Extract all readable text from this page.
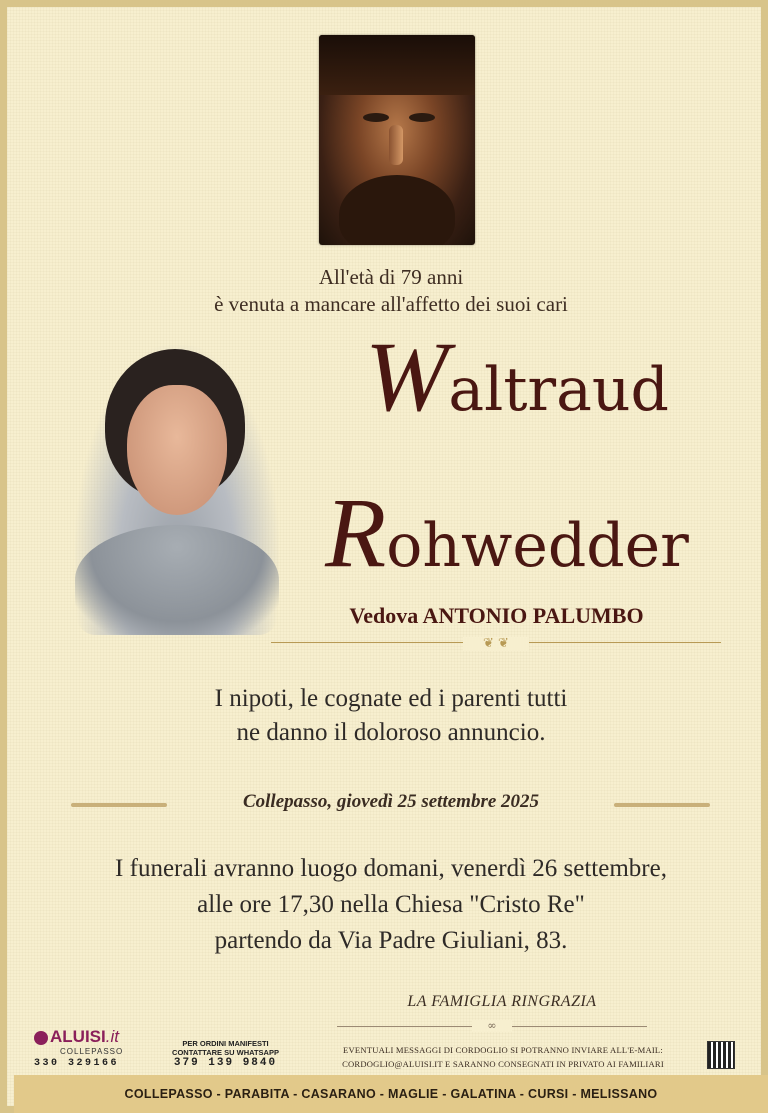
All'età di 79 anni
è venuta a mancare all'affetto dei suoi cari
Waltraud
Rohwedder
Vedova ANTONIO PALUMBO
❦ ❦
I nipoti, le cognate ed i parenti tutti
ne danno il doloroso annuncio.
Collepasso, giovedì 25 settembre 2025
I funerali avranno luogo domani, venerdì 26 settembre,
alle ore 17,30 nella Chiesa "Cristo Re"
partendo da Via Padre Giuliani, 83.
LA FAMIGLIA RINGRAZIA
∞
ALUISI.it
COLLEPASSO
330 329166
PER ORDINI MANIFESTI
CONTATTARE SU WHATSAPP
379 139 9840
EVENTUALI MESSAGGI DI CORDOGLIO SI POTRANNO INVIARE ALL'E-MAIL:
CORDOGLIO@ALUISI.IT E SARANNO CONSEGNATI IN PRIVATO AI FAMILIARI
COLLEPASSO - PARABITA - CASARANO - MAGLIE - GALATINA - CURSI - MELISSANO
